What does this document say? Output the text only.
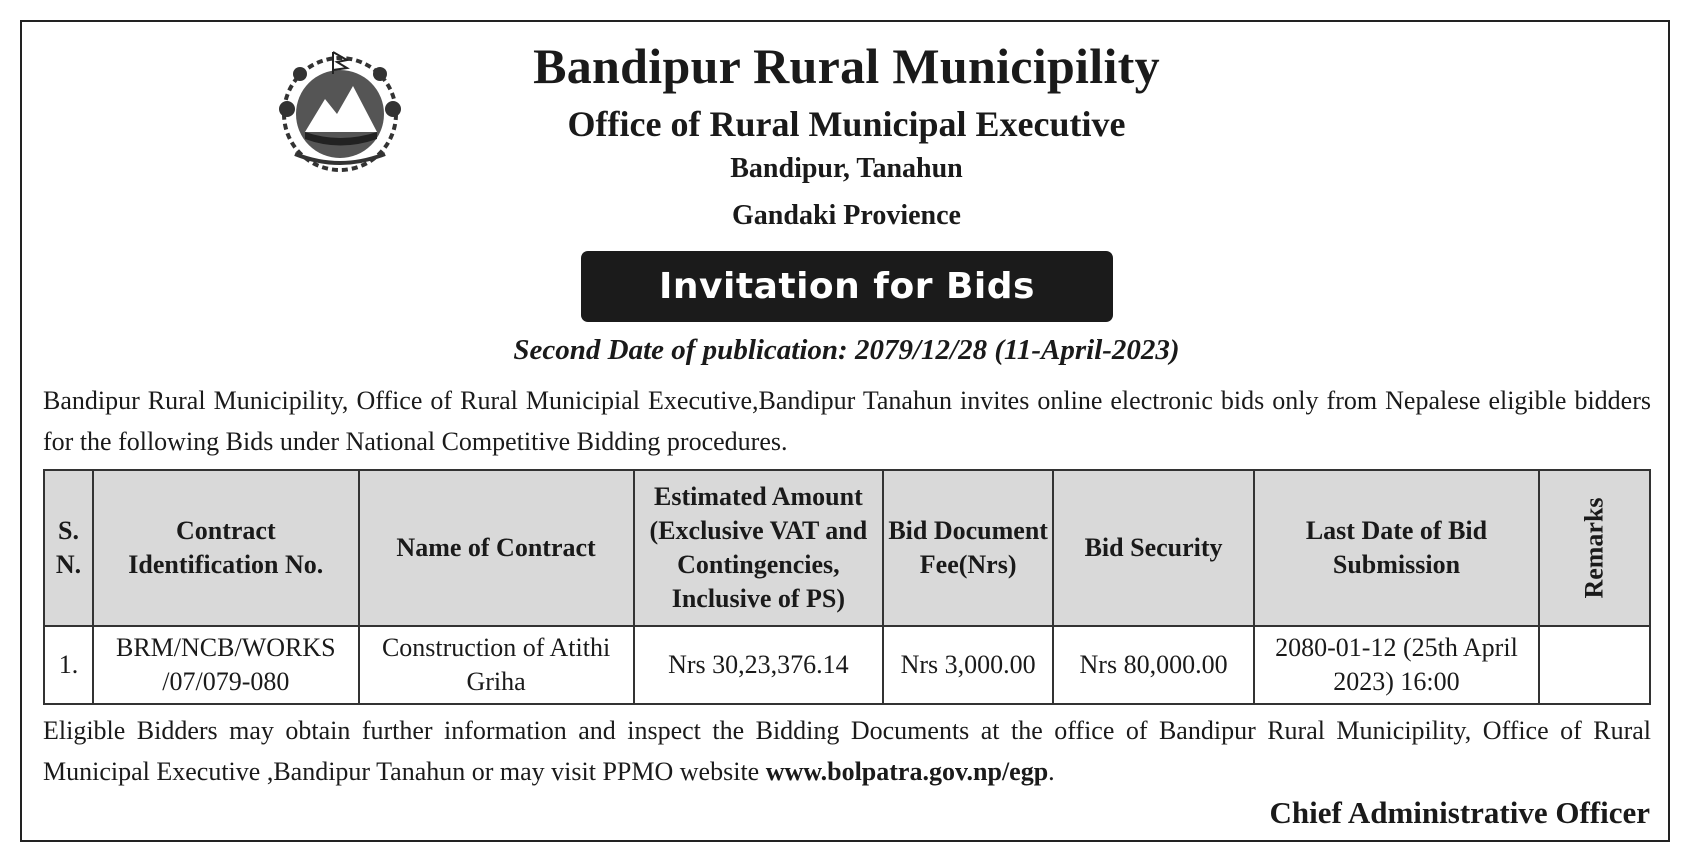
Bandipur Rural Municipility
Office of Rural Municipal Executive
Bandipur, Tanahun
Gandaki Provience
Invitation for Bids
Second Date of publication: 2079/12/28 (11-April-2023)
Bandipur Rural Municipility, Office of Rural Municipial Executive,Bandipur Tanahun invites online electronic bids only from Nepalese eligible bidders for the following Bids under National Competitive Bidding procedures.
S. N.	Contract Identification No.	Name of Contract	Estimated Amount (Exclusive VAT and Contingencies, Inclusive of PS)	Bid Document Fee(Nrs)	Bid Security	Last Date of Bid Submission	Remarks
1.	BRM/NCB/WORKS /07/079-080	Construction of Atithi Griha	Nrs 30,23,376.14	Nrs 3,000.00	Nrs 80,000.00	2080-01-12 (25th April 2023) 16:00	
Eligible Bidders may obtain further information and inspect the Bidding Documents at the office of Bandipur Rural Municipility, Office of Rural Municipal Executive ,Bandipur Tanahun or may visit PPMO website www.bolpatra.gov.np/egp.
Chief Administrative Officer
